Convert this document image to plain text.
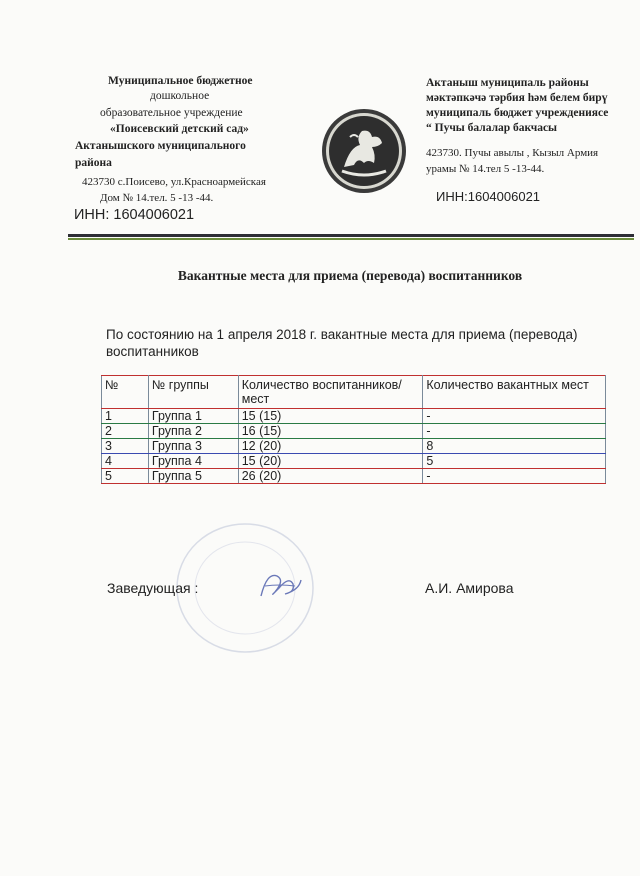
Муниципальное бюджетное
дошкольное
образовательное учреждение
«Поисевский детский сад»
Актанышского муниципального
района
423730 с.Поисево, ул.Красноармейская
Дом № 14.тел. 5 -13 -44.
ИНН: 1604006021
Актаныш муниципаль районы
мәктәпкәчә тәрбия һәм белем бирү
муниципаль бюджет учреждениясе
“ Пучы балалар бакчасы
423730. Пучы авылы , Кызыл Армия
урамы № 14.тел 5 -13-44.
ИНН:1604006021
Вакантные места для приема (перевода) воспитанников
По состоянию на 1 апреля 2018 г. вакантные места для приема (перевода)
воспитанников
№	№ группы	Количество воспитанников/мест	Количество вакантных мест
1	Группа 1	15 (15)	-
2	Группа 2	16 (15)	-
3	Группа 3	12 (20)	8
4	Группа 4	15 (20)	5
5	Группа 5	26 (20)	-
Заведующая :	А.И. Амирова
